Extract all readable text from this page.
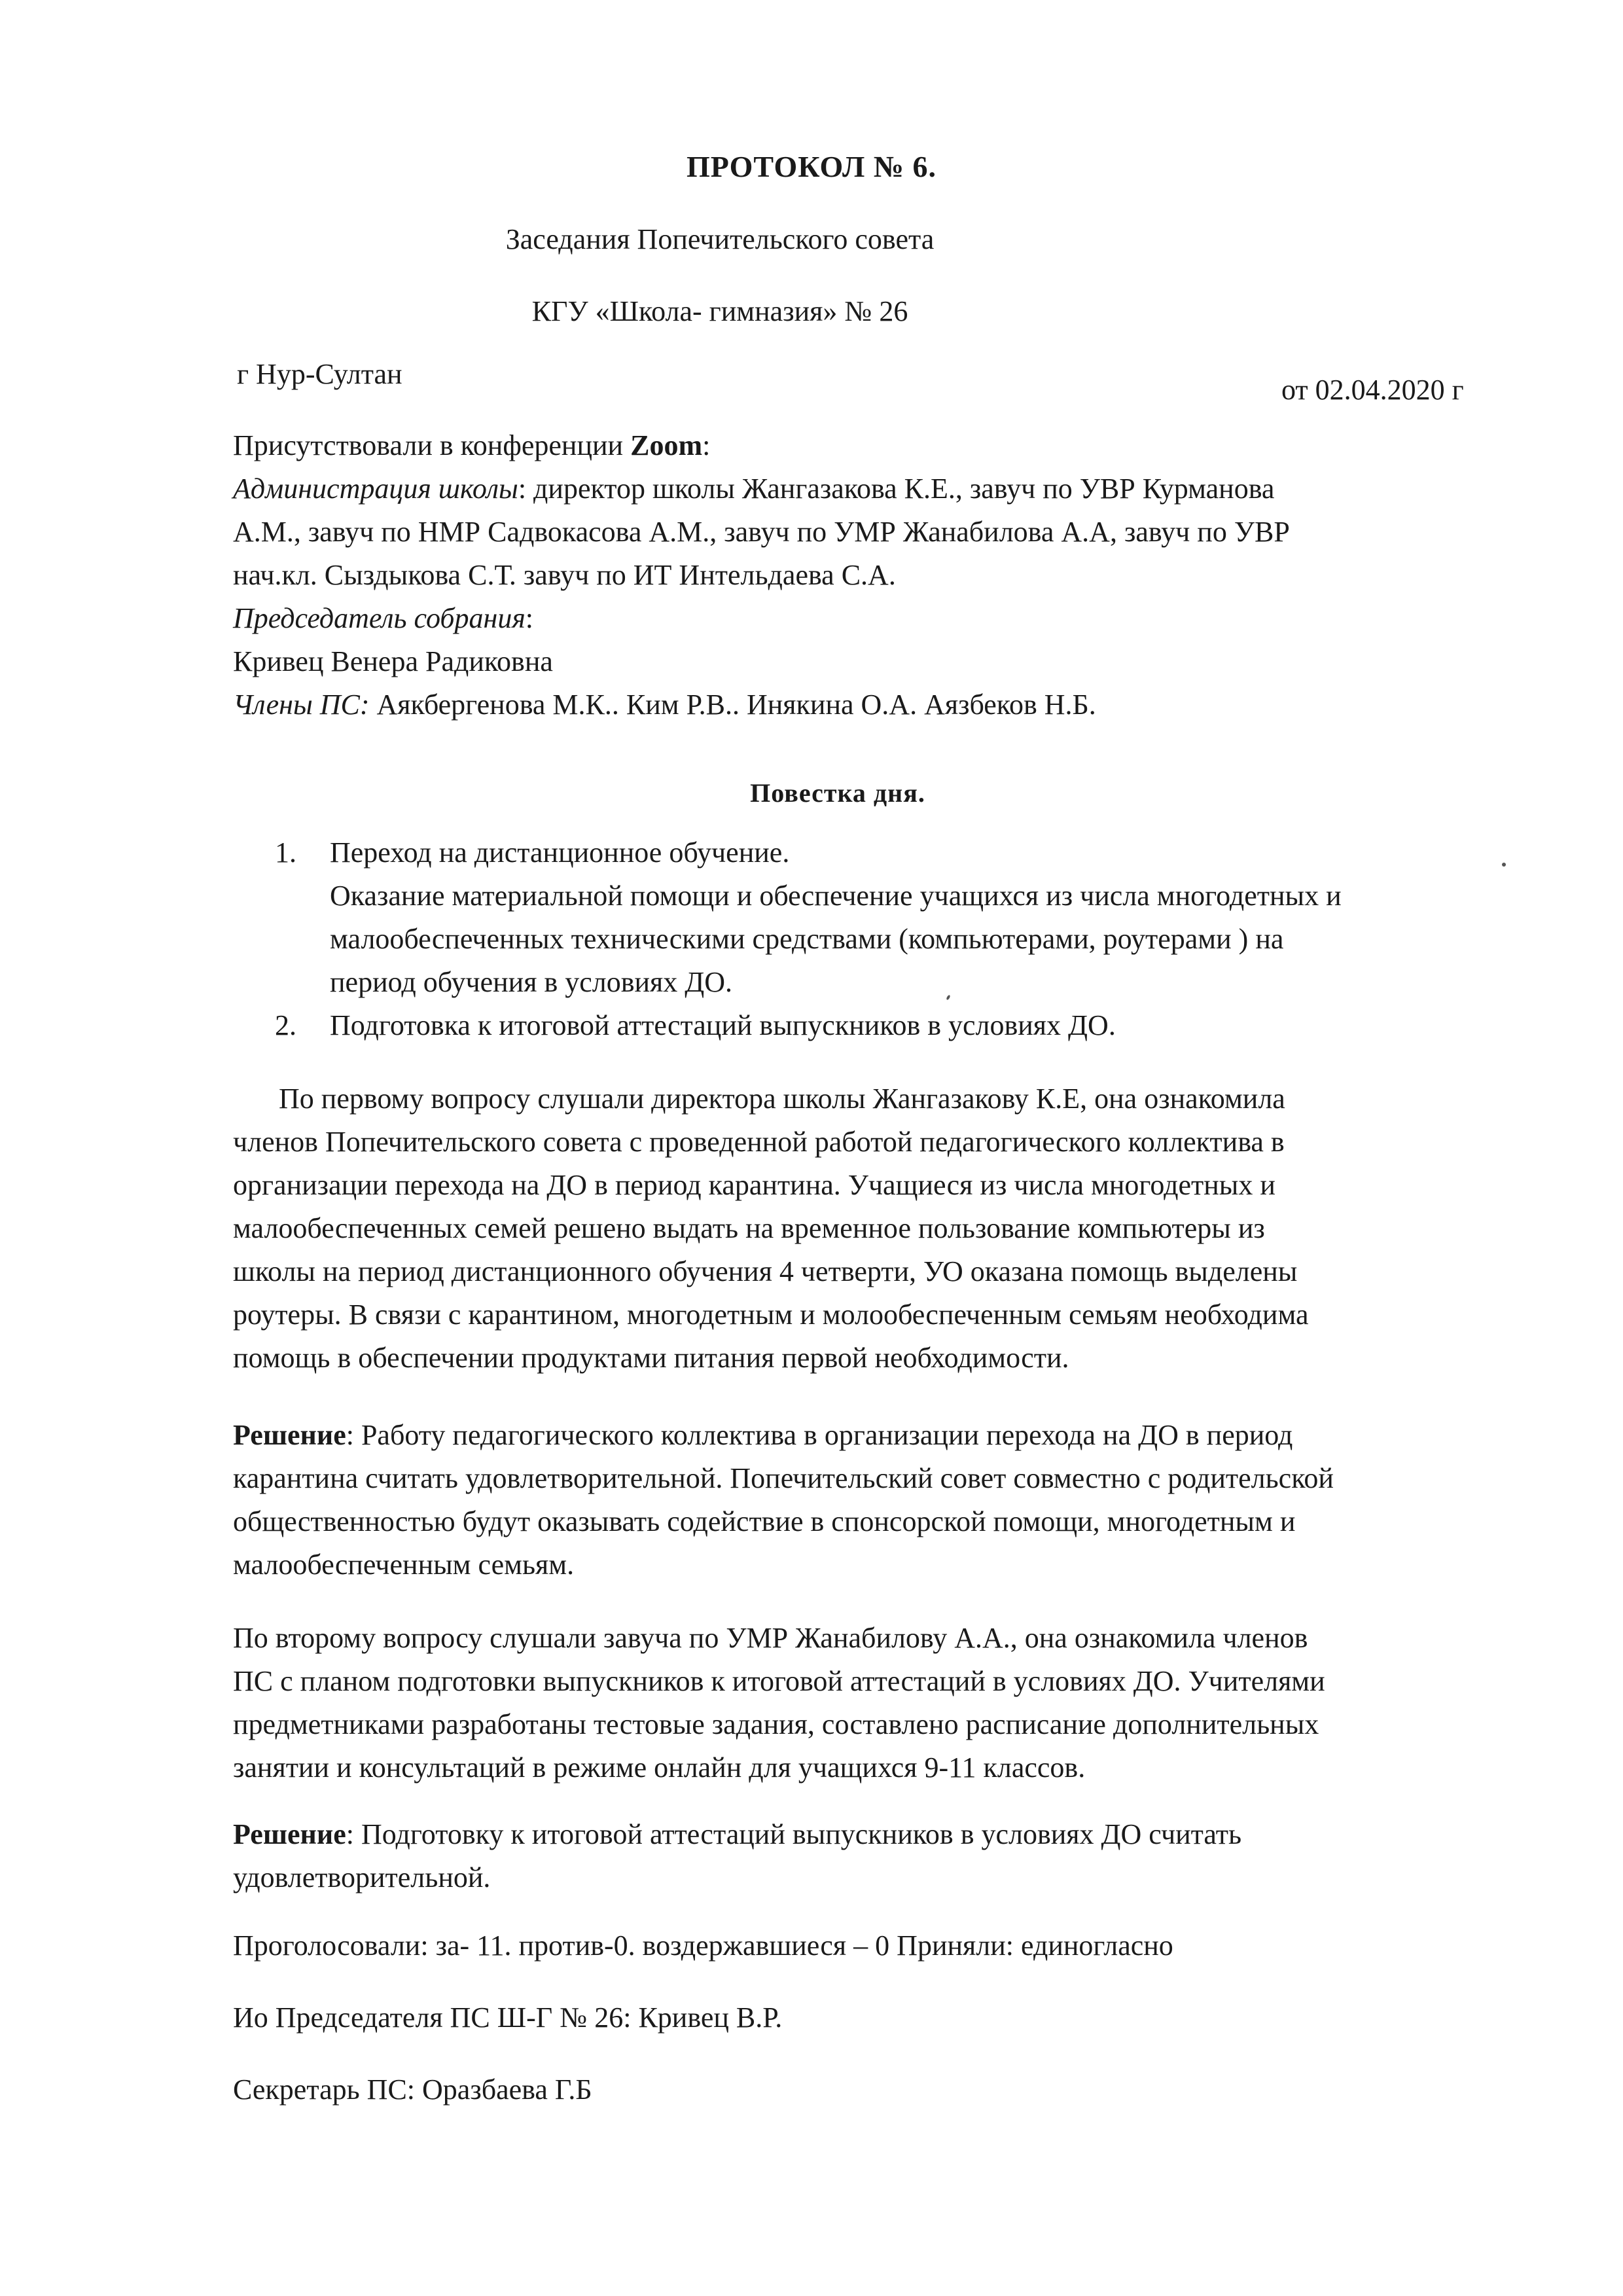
ПРОТОКОЛ № 6.
Заседания Попечительского совета
КГУ «Школа- гимназия» № 26
г Нур-Султан	от 02.04.2020 г
Присутствовали в конференции Zoom:
Администрация школы: директор школы Жангазакова К.Е., завуч по УВР Курманова
А.М., завуч по НМР Садвокасова А.М., завуч по УМР Жанабилова А.А, завуч по УВР
нач.кл. Сыздыкова С.Т. завуч по ИТ Интельдаева С.А.
Председатель собрания:
Кривец Венера Радиковна
Члены ПС: Аякбергенова М.К.. Ким Р.В.. Инякина О.А. Аязбеков Н.Б.
Повестка дня.
1. Переход на дистанционное обучение.
Оказание материальной помощи и обеспечение учащихся из числа многодетных и
малообеспеченных техническими средствами (компьютерами, роутерами ) на
период обучения в условиях ДО.
2. Подготовка к итоговой аттестаций выпускников в условиях ДО.
По первому вопросу слушали директора школы Жангазакову К.Е, она ознакомила
членов Попечительского совета с проведенной работой педагогического коллектива в
организации перехода на ДО в период карантина. Учащиеся из числа многодетных и
малообеспеченных семей решено выдать на временное пользование компьютеры из
школы на период дистанционного обучения 4 четверти, УО оказана помощь выделены
роутеры. В связи с карантином, многодетным и молообеспеченным семьям необходима
помощь в обеспечении продуктами питания первой необходимости.
Решение: Работу педагогического коллектива в организации перехода на ДО в период
карантина считать удовлетворительной. Попечительский совет совместно с родительской
общественностью будут оказывать содействие в спонсорской помощи, многодетным и
малообеспеченным семьям.
По второму вопросу слушали завуча по УМР Жанабилову А.А., она ознакомила членов
ПС с планом подготовки выпускников к итоговой аттестаций в условиях ДО. Учителями
предметниками разработаны тестовые задания, составлено расписание дополнительных
занятии и консультаций в режиме онлайн для учащихся 9-11 классов.
Решение: Подготовку к итоговой аттестаций выпускников в условиях ДО считать
удовлетворительной.
Проголосовали: за- 11. против-0. воздержавшиеся – 0 Приняли: единогласно
Ио Председателя ПС Ш-Г № 26: Кривец В.Р.
Секретарь ПС: Оразбаева Г.Б
